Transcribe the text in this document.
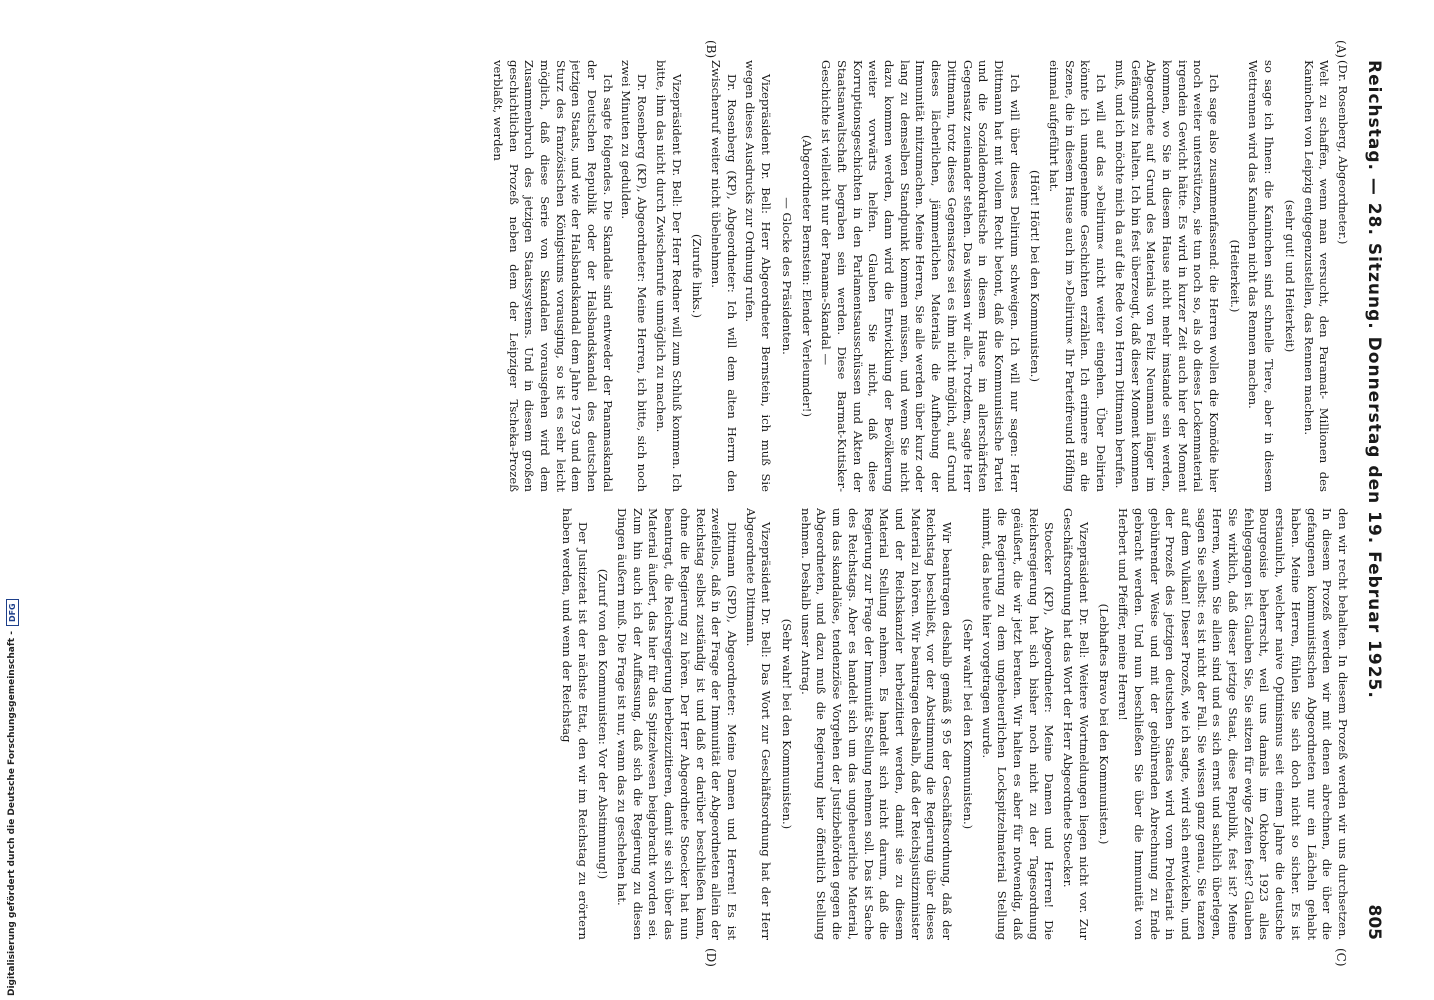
Reichstag. — 28. Sitzung. Donnerstag den 19. Februar 1925.
805
(A)
(B)
(C)
(D)

(Dr. Rosenberg, Abgeordneter.)

Welt zu schaffen, wenn man versucht, den Paramat- Millionen des Kaninchen von Leipzig entgegenzustellen, das Rennen machen.

(sehr gut! und Heiterkeit)

so sage ich Ihnen: die Kaninchen sind schnelle Tiere, aber in diesem Wettrennen wird das Kaninchen nicht das Rennen machen.

(Heiterkeit.)

Ich sage also zusammenfassend: die Herren wollen die Komödie hier noch weiter unterstützen, sie tun noch so, als ob dieses Lockenmaterial irgendein Gewicht hätte. Es wird in kurzer Zeit auch hier der Moment kommen, wo Sie in diesem Hause nicht mehr imstande sein werden, Abgeordnete auf Grund des Materials von Feliz Neumann länger im Gefängnis zu halten. Ich bin fest überzeugt, daß dieser Moment kommen muß, und ich möchte mich da auf die Rede von Herrn Dittmann berufen.

Ich will auf das »Delirium« nicht weiter eingehen. Über Delirien könnte ich unangenehme Geschichten erzählen. Ich erinnere an die Szene, die in diesem Hause auch im »Delirium« Ihr Parteifreund Höfling einmal aufgeführt hat.

(Hört! Hört! bei den Kommunisten.)

Ich will über dieses Delirium schweigen. Ich will nur sagen: Herr Dittmann hat mit vollem Recht betont, daß die Kommunistische Partei und die Sozialdemokratische in diesem Hause im allerschärfsten Gegensatz zueinander stehen. Das wissen wir alle. Trotzdem, sagte Herr Dittmann, trotz dieses Gegensatzes sei es ihm nicht möglich, auf Grund dieses lächerlichen, jämmerlichen Materials die Aufhebung der Immunität mitzumachen. Meine Herren, Sie alle werden über kurz oder lang zu demselben Standpunkt kommen müssen, und wenn Sie nicht dazu kommen werden, dann wird die Entwicklung der Bevölkerung weiter vorwärts helfen. Glauben Sie nicht, daß diese Korruptionsgeschichten in den Parlamentsausschüssen und Akten der Staatsanwaltschaft begraben sein werden. Diese Barmat-Kutisker-Geschichte ist vielleicht nur der Panama-Skandal —

(Abgeordneter Bernstein: Elender Verleumder!)

— Glocke des Präsidenten.

Vizepräsident Dr. Bell: Herr Abgeordneter Bernstein, ich muß Sie wegen dieses Ausdrucks zur Ordnung rufen.

Dr. Rosenberg (KP), Abgeordneter: Ich will dem alten Herrn den Zwischenruf weiter nicht übelnehmen.

(Zurufe links.)

Vizepräsident Dr. Bell: Der Herr Redner will zum Schluß kommen. Ich bitte, ihm das nicht durch Zwischenrufe unmöglich zu machen.

Dr. Rosenberg (KP), Abgeordneter: Meine Herren, ich bitte, sich noch zwei Minuten zu gedulden.

Ich sagte folgendes. Die Skandale sind entweder der Panamaskandal der Deutschen Republik oder der Halsbandskandal des deutschen jetzigen Staats, und wie der Halsbandskandal dem Jahre 1793 und dem Sturz des französischen Königstums vorausging, so ist es sehr leicht möglich, daß diese Serie von Skandalen vorausgehen wird dem Zusammenbruch des jetzigen Staatssystems. Und in diesem großen geschichtlichen Prozeß neben dem der Leipziger Tscheka-Prozeß verblaßt, werden

den wir recht behalten. In diesem Prozeß werden wir uns durchsetzen. In diesem Prozeß werden wir mit denen abrechnen, die über die gefangenen kommunistischen Abgeordneten nur ein Lächeln gehabt haben. Meine Herren, fühlen Sie sich doch nicht so sicher. Es ist erstaunlich, welcher naive Optimismus seit einem Jahre die deutsche Bourgeoisie beherrscht, weil uns damals im Oktober 1923 alles fehlgegangen ist. Glauben Sie, Sie sitzen für ewige Zeiten fest? Glauben Sie wirklich, daß dieser jetzige Staat, diese Republik, fest ist? Meine Herren, wenn Sie allein sind und es sich ernst und sachlich überlegen, sagen Sie selbst: es ist nicht der Fall. Sie wissen ganz genau, Sie tanzen auf dem Vulkan! Dieser Prozeß, wie ich sagte, wird sich entwickeln, und der Prozeß des jetzigen deutschen Staates wird vom Proletariat in gebührender Weise und mit der gebührenden Abrechnung zu Ende gebracht werden. Und nun beschließen Sie über die Immunität von Herbert und Pfeiffer, meine Herren!

(Lebhaftes Bravo bei den Kommunisten.)

Vizepräsident Dr. Bell: Weitere Wortmeldungen liegen nicht vor. Zur Geschäftsordnung hat das Wort der Herr Abgeordnete Stoecker.

Stoecker (KP), Abgeordneter: Meine Damen und Herren! Die Reichsregierung hat sich bisher noch nicht zu der Tagesordnung geäußert, die wir jetzt beraten. Wir halten es aber für notwendig, daß die Regierung zu dem ungeheuerlichen Lockspitzelmaterial Stellung nimmt, das heute hier vorgetragen wurde.

(Sehr wahr! bei den Kommunisten.)

Wir beantragen deshalb gemäß § 95 der Geschäftsordnung, daß der Reichstag beschließt, vor der Abstimmung die Regierung über dieses Material zu hören. Wir beantragen deshalb, daß der Reichsjustizminister und der Reichskanzler herbeizitiert werden, damit sie zu diesem Material Stellung nehmen. Es handelt sich nicht darum, daß die Regierung zur Frage der Immunität Stellung nehmen soll. Das ist Sache des Reichstags. Aber es handelt sich um das ungeheuerliche Material, um das skandalöse, tendenziöse Vorgehen der Justizbehörden gegen die Abgeordneten, und dazu muß die Regierung hier öffentlich Stellung nehmen. Deshalb unser Antrag.

(Sehr wahr! bei den Kommunisten.)

Vizepräsident Dr. Bell: Das Wort zur Geschäftsordnung hat der Herr Abgeordnete Dittmann.

Dittmann (SPD), Abgeordneter: Meine Damen und Herren! Es ist zweifellos, daß in der Frage der Immunität der Abgeordneten allein der Reichstag selbst zuständig ist und daß er darüber beschließen kann, ohne die Regierung zu hören. Der Herr Abgeordnete Stoecker hat nun beantragt, die Reichsregierung herbeizuzitieren, damit sie sich über das Material äußert, das hier für das Spitzelwesen beigebracht worden sei. Zum hin auch ich der Auffassung, daß sich die Regierung zu diesen Dingen äußern muß. Die Frage ist nur, wann das zu geschehen hat.

(Zuruf von den Kommunisten: Vor der Abstimmung!)

Der Justizetat ist der nächste Etat, den wir im Reichstag zu erörtern haben werden, und wenn der Reichstag

Digitalisierung gefördert durch die Deutsche Forschungsgemeinschaft -
DFG
